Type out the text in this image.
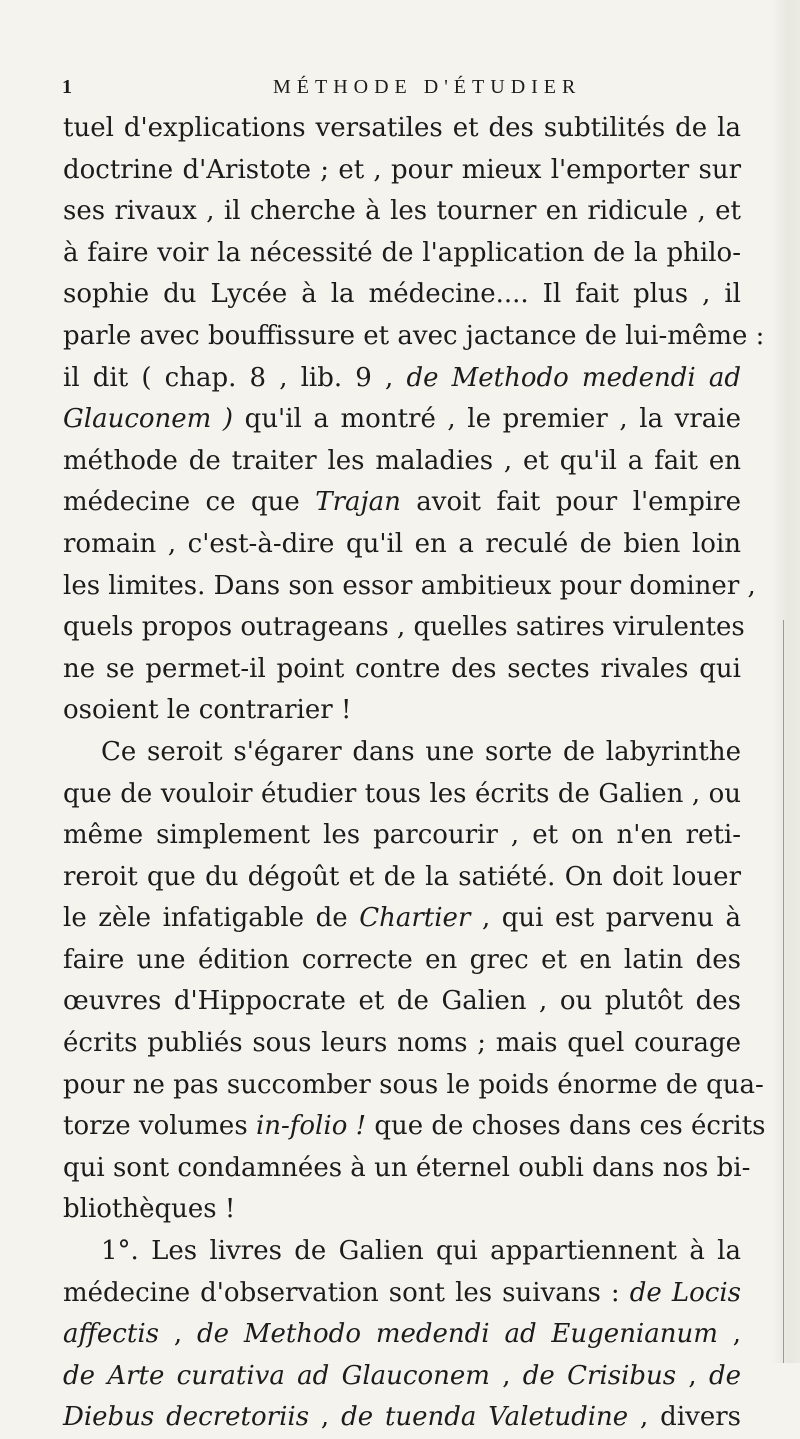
1	MÉTHODE D'ÉTUDIER
tuel d'explications versatiles et des subtilités de la
doctrine d'Aristote ; et , pour mieux l'emporter sur
ses rivaux , il cherche à les tourner en ridicule , et
à faire voir la nécessité de l'application de la philo-
sophie du Lycée à la médecine.... Il fait plus , il
parle avec bouffissure et avec jactance de lui-même :
il dit ( chap. 8 , lib. 9 , de Methodo medendi ad
Glauconem ) qu'il a montré , le premier , la vraie
méthode de traiter les maladies , et qu'il a fait en
médecine ce que Trajan avoit fait pour l'empire
romain , c'est-à-dire qu'il en a reculé de bien loin
les limites. Dans son essor ambitieux pour dominer ,
quels propos outrageans , quelles satires virulentes
ne se permet-il point contre des sectes rivales qui
osoient le contrarier !
Ce seroit s'égarer dans une sorte de labyrinthe
que de vouloir étudier tous les écrits de Galien , ou
même simplement les parcourir , et on n'en reti-
reroit que du dégoût et de la satiété. On doit louer
le zèle infatigable de Chartier , qui est parvenu à
faire une édition correcte en grec et en latin des
œuvres d'Hippocrate et de Galien , ou plutôt des
écrits publiés sous leurs noms ; mais quel courage
pour ne pas succomber sous le poids énorme de qua-
torze volumes in-folio ! que de choses dans ces écrits
qui sont condamnées à un éternel oubli dans nos bi-
bliothèques !
1°. Les livres de Galien qui appartiennent à la
médecine d'observation sont les suivans : de Locis
affectis , de Methodo medendi ad Eugenianum ,
de Arte curativa ad Glauconem , de Crisibus , de
Diebus decretoriis , de tuenda Valetudine , divers
